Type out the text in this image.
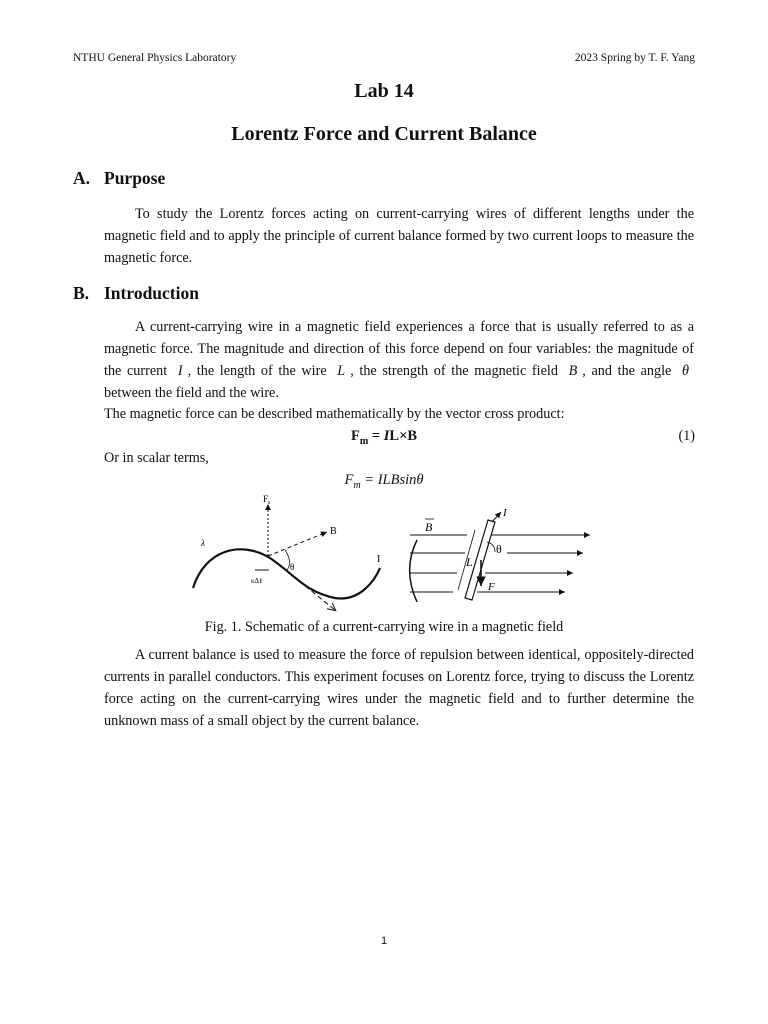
NTHU General Physics Laboratory	2023 Spring by T. F. Yang
Lab 14
Lorentz Force and Current Balance
A. Purpose

To study the Lorentz forces acting on current-carrying wires of different lengths under the magnetic field and to apply the principle of current balance formed by two current loops to measure the magnetic force.

B. Introduction

A current-carrying wire in a magnetic field experiences a force that is usually referred to as a magnetic force. The magnitude and direction of this force depend on four variables: the magnitude of the current I , the length of the wire L , the strength of the magnetic field B , and the angle θ between the field and the wire.

The magnetic force can be described mathematically by the vector cross product:
$F_m = IL\times B$	(1)
Or in scalar terms,
$F_m = ILBsin\theta$
$F_s$
λ
B
θ
I
κΔℓ
B
I
L
θ
F
Fig. 1. Schematic of a current-carrying wire in a magnetic field

A current balance is used to measure the force of repulsion between identical, oppositely-directed currents in parallel conductors. This experiment focuses on Lorentz force, trying to discuss the Lorentz force acting on the current-carrying wires under the magnetic field and to further determine the unknown mass of a small object by the current balance.

1
